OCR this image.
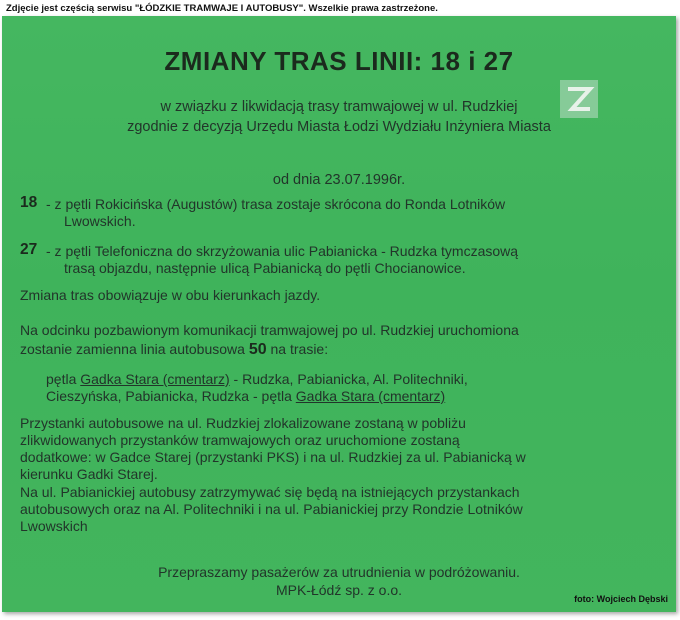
Zdjęcie jest częścią serwisu "ŁÓDZKIE TRAMWAJE I AUTOBUSY". Wszelkie prawa zastrzeżone.
ZMIANY TRAS LINII: 18 i 27
w związku z likwidacją trasy tramwajowej w ul. Rudzkiej
zgodnie z decyzją Urzędu Miasta Łodzi Wydziału Inżyniera Miasta
od dnia 23.07.1996r.
18 - z pętli Rokicińska (Augustów) trasa zostaje skrócona do Ronda Lotników
Lwowskich.
27 - z pętli Telefoniczna do skrzyżowania ulic Pabianicka - Rudzka tymczasową
trasą objazdu, następnie ulicą Pabianicką do pętli Chocianowice.
Zmiana tras obowiązuje w obu kierunkach jazdy.
Na odcinku pozbawionym komunikacji tramwajowej po ul. Rudzkiej uruchomiona
zostanie zamienna linia autobusowa 50 na trasie:
pętla Gadka Stara (cmentarz) - Rudzka, Pabianicka, Al. Politechniki,
Cieszyńska, Pabianicka, Rudzka - pętla Gadka Stara (cmentarz)
Przystanki autobusowe na ul. Rudzkiej zlokalizowane zostaną w pobliżu
zlikwidowanych przystanków tramwajowych oraz uruchomione zostaną
dodatkowe: w Gadce Starej (przystanki PKS) i na ul. Rudzkiej za ul. Pabianicką w
kierunku Gadki Starej.
Na ul. Pabianickiej autobusy zatrzymywać się będą na istniejących przystankach
autobusowych oraz na Al. Politechniki i na ul. Pabianickiej przy Rondzie Lotników
Lwowskich
Przepraszamy pasażerów za utrudnienia w podróżowaniu.
MPK-Łódź sp. z o.o.
foto: Wojciech Dębski
